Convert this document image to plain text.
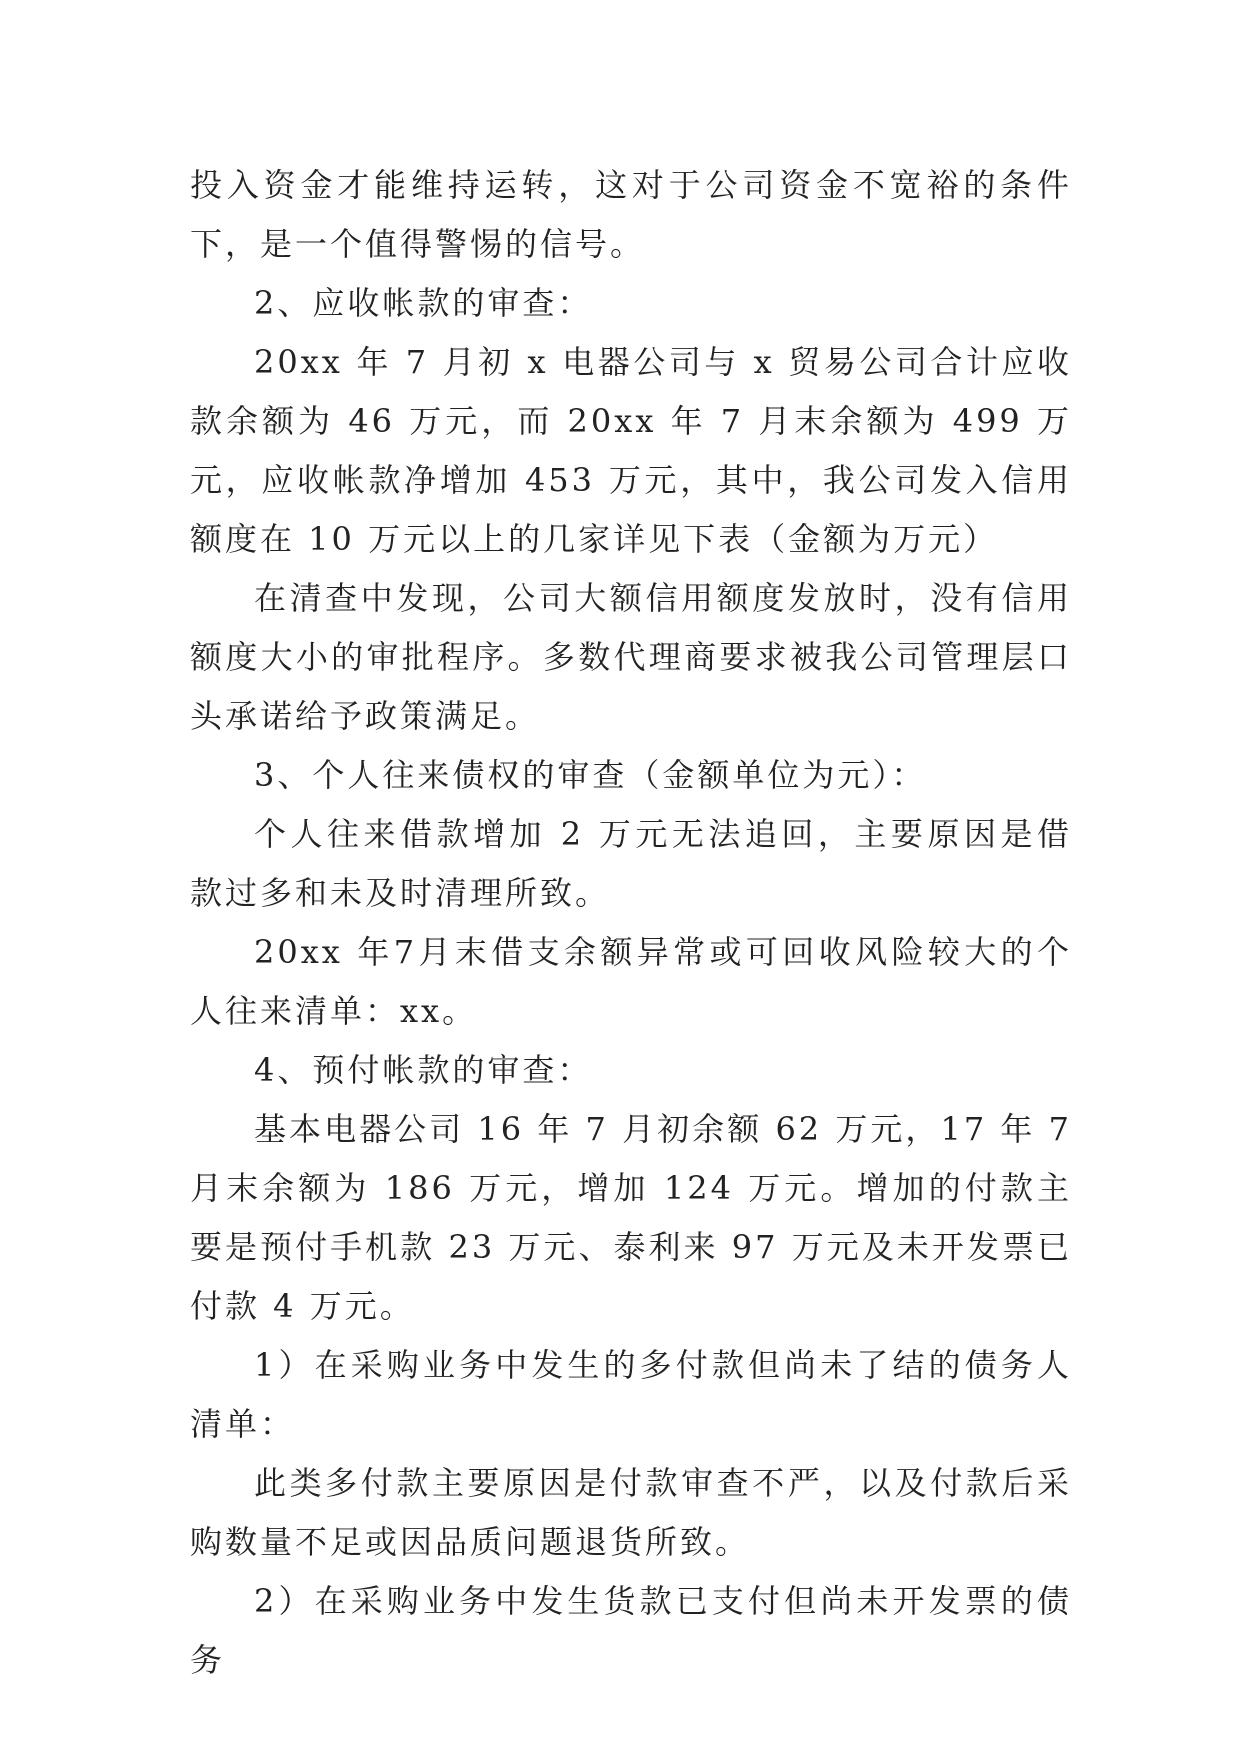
投入资金才能维持运转，这对于公司资金不宽裕的条件下，是一个值得警惕的信号。

2、应收帐款的审查：

20xx 年 7 月初 x 电器公司与 x 贸易公司合计应收款余额为 46 万元，而 20xx 年 7 月末余额为 499 万元，应收帐款净增加 453 万元，其中，我公司发入信用额度在 10 万元以上的几家详见下表（金额为万元）

在清查中发现，公司大额信用额度发放时，没有信用额度大小的审批程序。多数代理商要求被我公司管理层口头承诺给予政策满足。

3、个人往来债权的审查（金额单位为元）：

个人往来借款增加 2 万元无法追回，主要原因是借款过多和未及时清理所致。

20xx 年7月末借支余额异常或可回收风险较大的个人往来清单：xx。

4、预付帐款的审查：

基本电器公司 16 年 7 月初余额 62 万元，17 年 7 月末余额为 186 万元，增加 124 万元。增加的付款主要是预付手机款 23 万元、泰利来 97 万元及未开发票已付款 4 万元。

1）在采购业务中发生的多付款但尚未了结的债务人清单：

此类多付款主要原因是付款审查不严，以及付款后采购数量不足或因品质问题退货所致。

2）在采购业务中发生货款已支付但尚未开发票的债务
